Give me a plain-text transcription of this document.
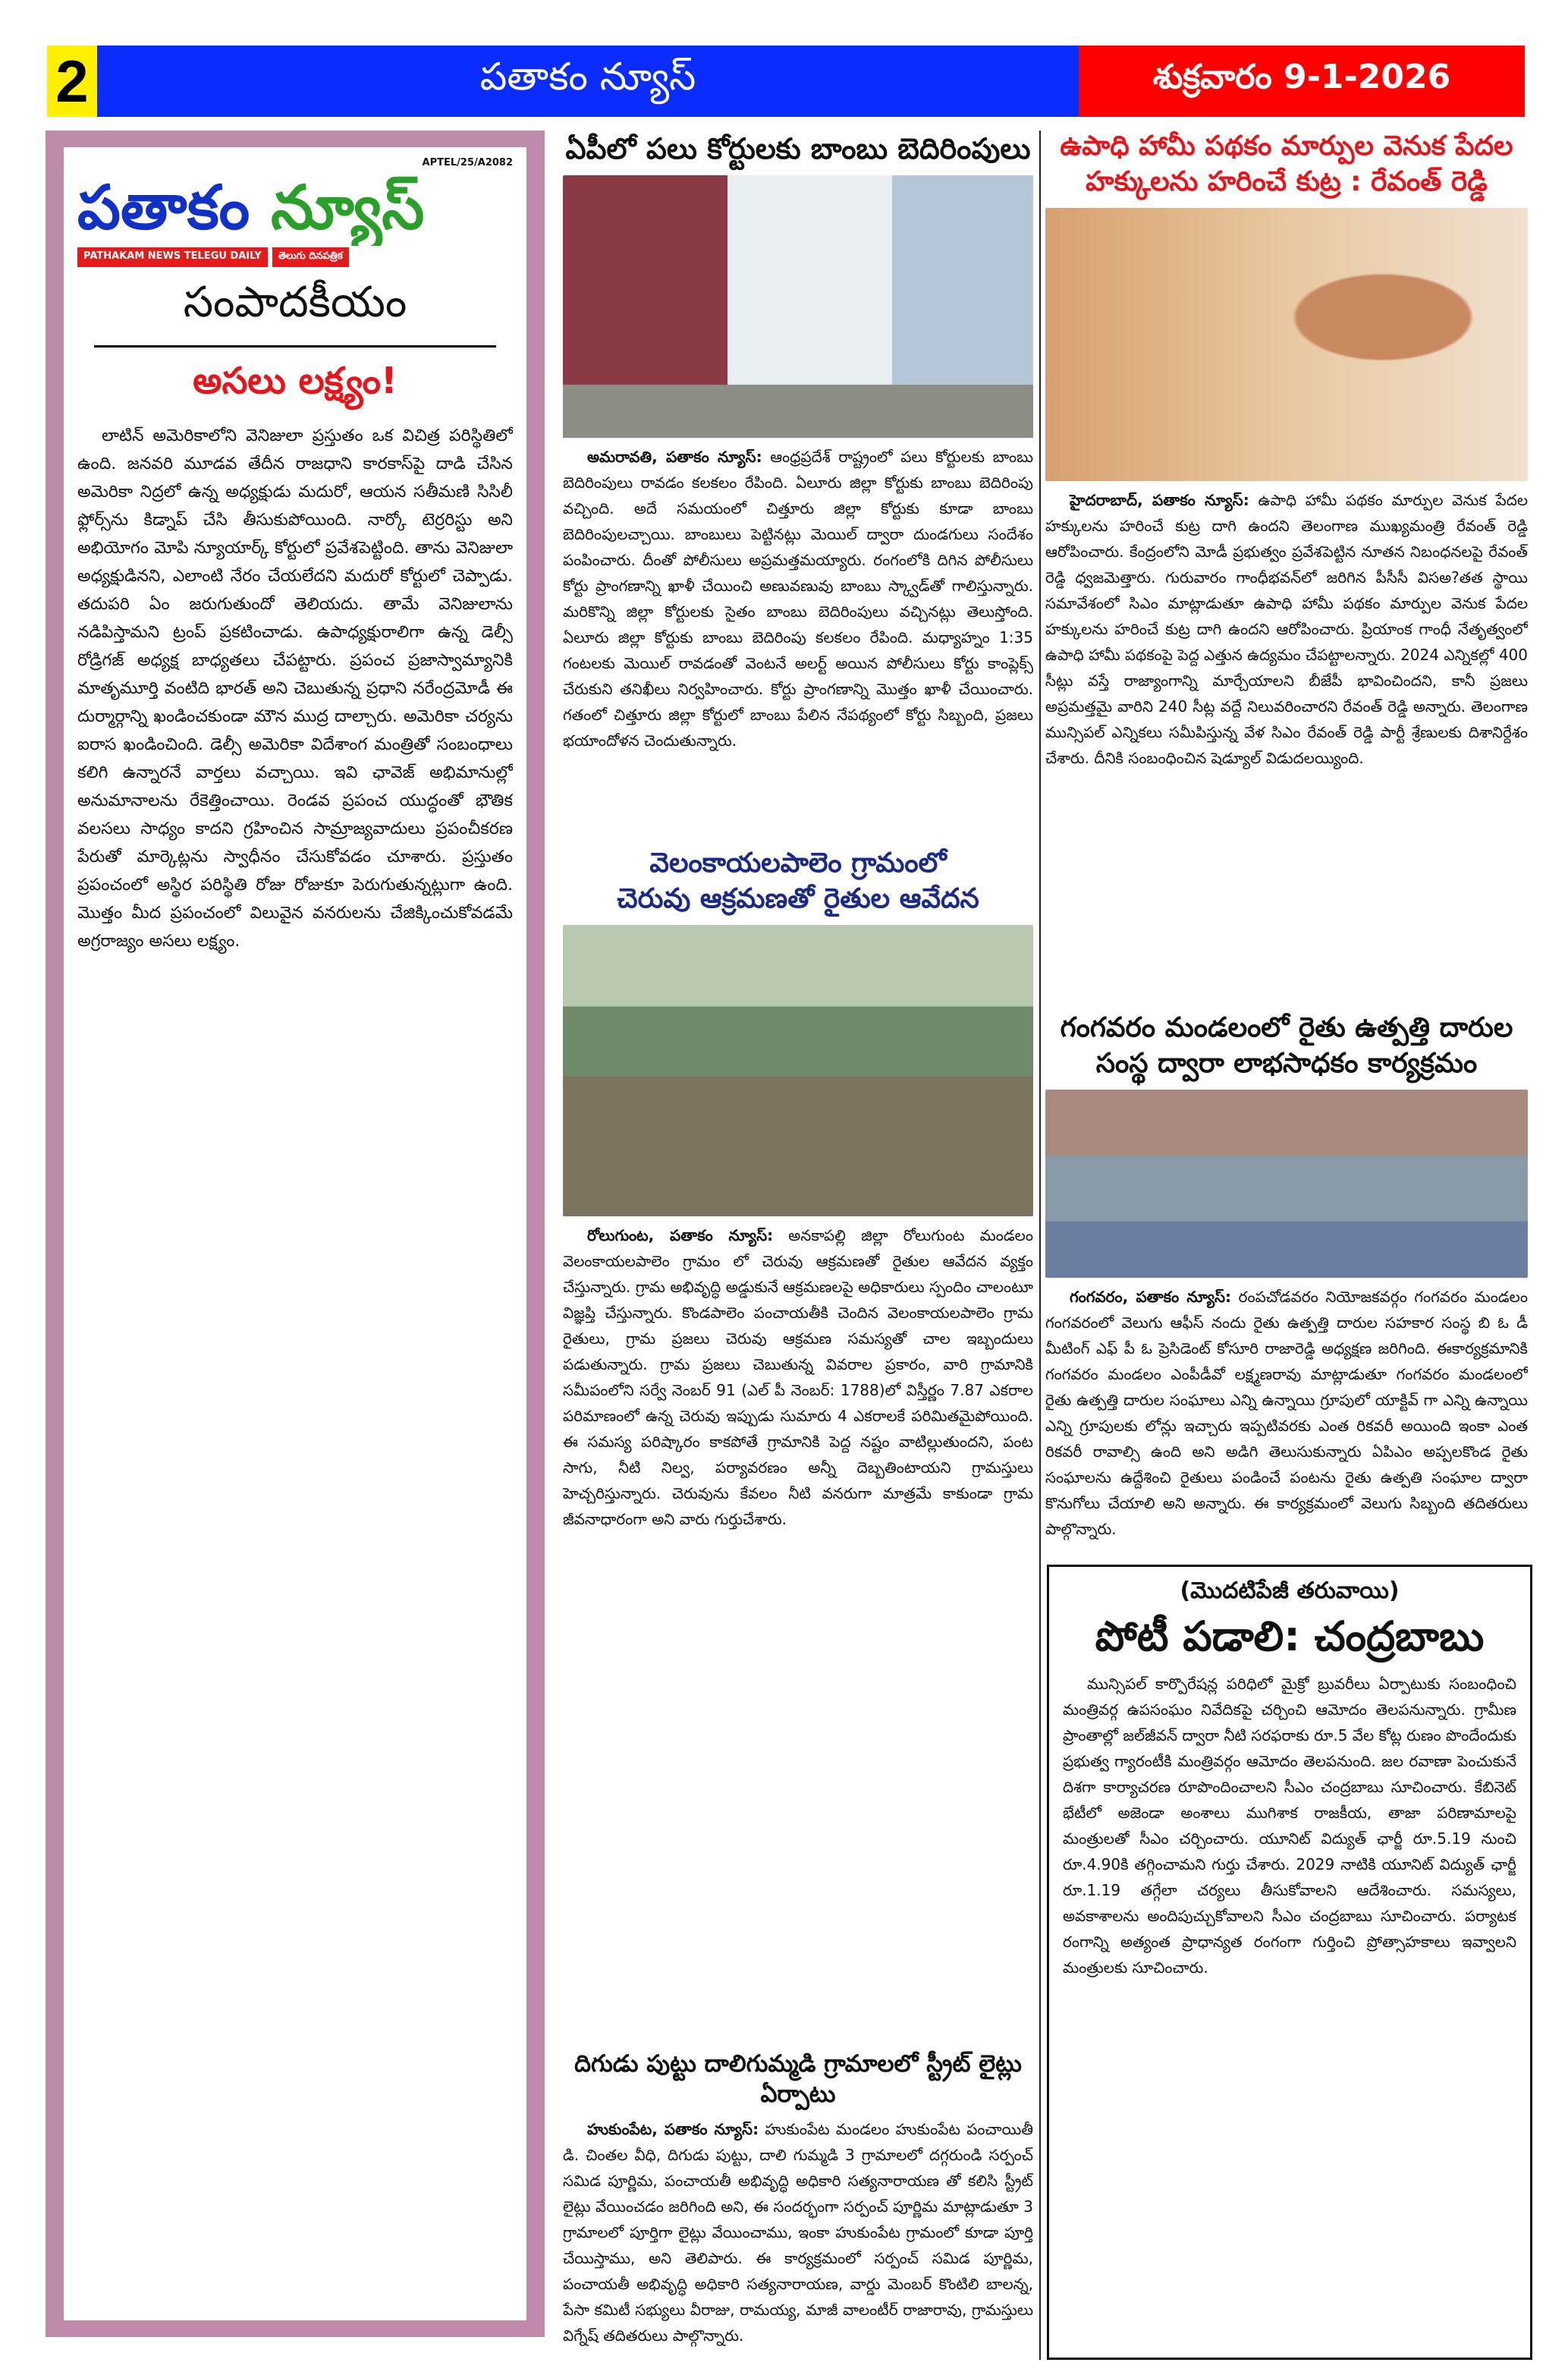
2	పతాకం న్యూస్	శుక్రవారం 9-1-2026
APTEL/25/A2082
పతాకం న్యూస్
PATHAKAM NEWS TELEGU DAILY	తెలుగు దినపత్రిక
సంపాదకీయం
అసలు లక్ష్యం!

లాటిన్ అమెరికాలోని వెనిజులా ప్రస్తుతం ఒక విచిత్ర పరిస్థితిలో ఉంది. జనవరి మూడవ తేదీన రాజధాని కారకాస్‌పై దాడి చేసిన అమెరికా నిద్రలో ఉన్న అధ్యక్షుడు మదురో, ఆయన సతీమణి సిసిలీ ఫ్లోర్స్‌ను కిడ్నాప్ చేసి తీసుకుపోయింది. నార్కో టెర్రరిస్టు అని అభియోగం మోపి న్యూయార్క్ కోర్టులో ప్రవేశపెట్టింది. తాను వెనిజులా అధ్యక్షుడినని, ఎలాంటి నేరం చేయలేదని మదురో కోర్టులో చెప్పాడు. తదుపరి ఏం జరుగుతుందో తెలియదు. తామే వెనిజులాను నడిపిస్తామని ట్రంప్ ప్రకటించాడు. ఉపాధ్యక్షురాలిగా ఉన్న డెల్సీ రోడ్రిగజ్ అధ్యక్ష బాధ్యతలు చేపట్టారు. ప్రపంచ ప్రజాస్వామ్యానికి మాతృమూర్తి వంటిది భారత్ అని చెబుతున్న ప్రధాని నరేంద్రమోడీ ఈ దుర్మార్గాన్ని ఖండించకుండా మౌన ముద్ర దాల్చారు. అమెరికా చర్యను ఐరాస ఖండించింది. డెల్సీ అమెరికా విదేశాంగ మంత్రితో సంబంధాలు కలిగి ఉన్నారనే వార్తలు వచ్చాయి. ఇవి ఛావెజ్ అభిమానుల్లో అనుమానాలను రేకెత్తించాయి. రెండవ ప్రపంచ యుద్ధంతో భౌతిక వలసలు సాధ్యం కాదని గ్రహించిన సామ్రాజ్యవాదులు ప్రపంచీకరణ పేరుతో మార్కెట్లను స్వాధీనం చేసుకోవడం చూశారు. ప్రస్తుతం ప్రపంచంలో అస్థిర పరిస్థితి రోజు రోజుకూ పెరుగుతున్నట్లుగా ఉంది. మొత్తం మీద ప్రపంచంలో విలువైన వనరులను చేజిక్కించుకోవడమే అగ్రరాజ్యం అసలు లక్ష్యం.

ఏపీలో పలు కోర్టులకు బాంబు బెదిరింపులు

అమరావతి, పతాకం న్యూస్: ఆంధ్రప్రదేశ్ రాష్ట్రంలో పలు కోర్టులకు బాంబు బెదిరింపులు రావడం కలకలం రేపింది. ఏలూరు జిల్లా కోర్టుకు బాంబు బెదిరింపు వచ్చింది. అదే సమయంలో చిత్తూరు జిల్లా కోర్టుకు కూడా బాంబు బెదిరింపులచ్చాయి. బాంబులు పెట్టినట్లు మెయిల్ ద్వారా దుండగులు సందేశం పంపించారు. దీంతో పోలీసులు అప్రమత్తమయ్యారు. రంగంలోకి దిగిన పోలీసులు కోర్టు ప్రాంగణాన్ని ఖాళీ చేయించి అణువణువు బాంబు స్క్వాడ్‌తో గాలిస్తున్నారు. మరికొన్ని జిల్లా కోర్టులకు సైతం బాంబు బెదిరింపులు వచ్చినట్లు తెలుస్తోంది. ఏలూరు జిల్లా కోర్టుకు బాంబు బెదిరింపు కలకలం రేపింది. మధ్యాహ్నం 1:35 గంటలకు మెయిల్ రావడంతో వెంటనే అలర్ట్ అయిన పోలీసులు కోర్టు కాంప్లెక్స్ చేరుకుని తనిఖీలు నిర్వహించారు. కోర్టు ప్రాంగణాన్ని మొత్తం ఖాళీ చేయించారు. గతంలో చిత్తూరు జిల్లా కోర్టులో బాంబు పేలిన నేపథ్యంలో కోర్టు సిబ్బంది, ప్రజలు భయాందోళన చెందుతున్నారు.

వెలంకాయలపాలెం గ్రామంలో
చెరువు ఆక్రమణతో రైతుల ఆవేదన

రోలుగుంట, పతాకం న్యూస్: అనకాపల్లి జిల్లా రోలుగుంట మండలం వెలంకాయలపాలెం గ్రామం లో చెరువు ఆక్రమణతో రైతుల ఆవేదన వ్యక్తం చేస్తున్నారు. గ్రామ అభివృద్ధి అడ్డుకునే ఆక్రమణలపై అధికారులు స్పందిం చాలంటూ విజ్ఞప్తి చేస్తున్నారు. కొండపాలెం పంచాయతీకి చెందిన వెలంకాయలపాలెం గ్రామ రైతులు, గ్రామ ప్రజలు చెరువు ఆక్రమణ సమస్యతో చాల ఇబ్బందులు పడుతున్నారు. గ్రామ ప్రజలు చెబుతున్న వివరాల ప్రకారం, వారి గ్రామానికి సమీపంలోని సర్వే నెంబర్ 91 (ఎల్ పీ నెంబర్: 1788)లో విస్తీర్ణం 7.87 ఎకరాల పరిమాణంలో ఉన్న చెరువు ఇప్పుడు సుమారు 4 ఎకరాలకే పరిమితమైపోయింది. ఈ సమస్య పరిష్కారం కాకపోతే గ్రామానికి పెద్ద నష్టం వాటిల్లుతుందని, పంట సాగు, నీటి నిల్వ, పర్యావరణం అన్నీ దెబ్బతింటాయని గ్రామస్తులు హెచ్చరిస్తున్నారు. చెరువును కేవలం నీటి వనరుగా మాత్రమే కాకుండా గ్రామ జీవనాధారంగా అని వారు గుర్తుచేశారు.

దిగుడు పుట్టు దాలిగుమ్మడి గ్రామాలలో స్ట్రీట్ లైట్లు ఏర్పాటు

హుకుంపేట, పతాకం న్యూస్: హుకుంపేట మండలం హుకుంపేట పంచాయితీ డి. చింతల వీధి, దిగుడు పుట్టు, దాలి గుమ్మడి 3 గ్రామాలలో దగ్గరుండి సర్పంచ్ సమిడ పూర్ణిమ, పంచాయతీ అభివృద్ధి అధికారి సత్యనారాయణ తో కలిసి స్ట్రీట్ లైట్లు వేయించడం జరిగింది అని, ఈ సందర్భంగా సర్పంచ్ పూర్ణిమ మాట్లాడుతూ 3 గ్రామాలలో పూర్తిగా లైట్లు వేయించాము, ఇంకా హుకుంపేట గ్రామంలో కూడా పూర్తి చేయిస్తాము, అని తెలిపారు. ఈ కార్యక్రమంలో సర్పంచ్ సమిడ పూర్ణిమ, పంచాయతీ అభివృద్ధి అధికారి సత్యనారాయణ, వార్డు మెంబర్ కొంటిలి బాలన్న, పేసా కమిటీ సభ్యులు వీరాజు, రామయ్య, మాజీ వాలంటీర్ రాజారావు, గ్రామస్తులు విగ్నేష్ తదితరులు పాల్గొన్నారు.

ఉపాధి హామీ పథకం మార్పుల వెనుక పేదల
హక్కులను హరించే కుట్ర : రేవంత్ రెడ్డి

హైదరాబాద్, పతాకం న్యూస్: ఉపాధి హామీ పథకం మార్పుల వెనుక పేదల హక్కులను హరించే కుట్ర దాగి ఉందని తెలంగాణ ముఖ్యమంత్రి రేవంత్ రెడ్డి ఆరోపించారు. కేంద్రంలోని మోడీ ప్రభుత్వం ప్రవేశపెట్టిన నూతన నిబంధనలపై రేవంత్ రెడ్డి ధ్వజమెత్తారు. గురువారం గాంధీభవన్‌లో జరిగిన పీసీసీ విసఅ?తత స్థాయి సమావేశంలో సిఎం మాట్లాడుతూ ఉపాధి హామీ పథకం మార్పుల వెనుక పేదల హక్కులను హరించే కుట్ర దాగి ఉందని ఆరోపించారు. ప్రియాంక గాంధీ నేతృత్వంలో ఉపాధి హామీ పథకంపై పెద్ద ఎత్తున ఉద్యమం చేపట్టాలన్నారు. 2024 ఎన్నికల్లో 400 సీట్లు వస్తే రాజ్యాంగాన్ని మార్చేయాలని బీజేపీ భావించిందని, కానీ ప్రజలు అప్రమత్తమై వారిని 240 సీట్ల వద్దే నిలువరించారని రేవంత్ రెడ్డి అన్నారు. తెలంగాణ మున్సిపల్ ఎన్నికలు సమీపిస్తున్న వేళ సిఎం రేవంత్ రెడ్డి పార్టీ శ్రేణులకు దిశానిర్దేశం చేశారు. దీనికి సంబంధించిన షెడ్యూల్ విడుదలయ్యింది.

గంగవరం మండలంలో రైతు ఉత్పత్తి దారుల
సంస్థ ద్వారా లాభసాధకం కార్యక్రమం

గంగవరం, పతాకం న్యూస్: రంపచోడవరం నియోజకవర్గం గంగవరం మండలం గంగవరంలో వెలుగు ఆఫీస్ నందు రైతు ఉత్పత్తి దారుల సహకార సంస్థ బి ఓ డీ మీటింగ్ ఎఫ్ పీ ఓ ప్రెసిడెంట్ కోసూరి రాజారెడ్డి అధ్యక్షణ జరిగింది. ఈకార్యక్రమానికి గంగవరం మండలం ఎంపీడీవో లక్ష్మణరావు మాట్లాడుతూ గంగవరం మండలంలో రైతు ఉత్పత్తి దారుల సంఘాలు ఎన్ని ఉన్నాయి గ్రూపులో యాక్టివ్ గా ఎన్ని ఉన్నాయి ఎన్ని గ్రూపులకు లోన్లు ఇచ్చారు ఇప్పటివరకు ఎంత రికవరీ అయింది ఇంకా ఎంత రికవరీ రావాల్సి ఉంది అని అడిగి తెలుసుకున్నారు ఏపిఎం అప్పలకొండ రైతు సంఘాలను ఉద్దేశించి రైతులు పండించే పంటను రైతు ఉత్పతి సంఘాల ద్వారా కొనుగోలు చేయాలి అని అన్నారు. ఈ కార్యక్రమంలో వెలుగు సిబ్బంది తదితరులు పాల్గొన్నారు.

(మొదటిపేజీ తరువాయి)
పోటీ పడాలి: చంద్రబాబు

మున్సిపల్ కార్పొరేషన్ల పరిధిలో మైక్రో బ్రువరీలు ఏర్పాటుకు సంబంధించి మంత్రివర్గ ఉపసంఘం నివేదికపై చర్చించి ఆమోదం తెలపనున్నారు. గ్రామీణ ప్రాంతాల్లో జల్‌జీవన్ ద్వారా నీటి సరఫరాకు రూ.5 వేల కోట్ల రుణం పొందేందుకు ప్రభుత్వ గ్యారంటీకి మంత్రివర్గం ఆమోదం తెలపనుంది. జల రవాణా పెంచుకునే దిశగా కార్యాచరణ రూపొందించాలని సీఎం చంద్రబాబు సూచించారు. కేబినెట్ భేటీలో అజెండా అంశాలు ముగిశాక రాజకీయ, తాజా పరిణామాలపై మంత్రులతో సీఎం చర్చించారు. యూనిట్ విద్యుత్ ఛార్జీ రూ.5.19 నుంచి రూ.4.90కి తగ్గించామని గుర్తు చేశారు. 2029 నాటికి యూనిట్ విద్యుత్ ఛార్జీ రూ.1.19 తగ్గేలా చర్యలు తీసుకోవాలని ఆదేశించారు. సమస్యలు, అవకాశాలను అందిపుచ్చుకోవాలని సీఎం చంద్రబాబు సూచించారు. పర్యాటక రంగాన్ని అత్యంత ప్రాధాన్యత రంగంగా గుర్తించి ప్రోత్సాహకాలు ఇవ్వాలని మంత్రులకు సూచించారు.
